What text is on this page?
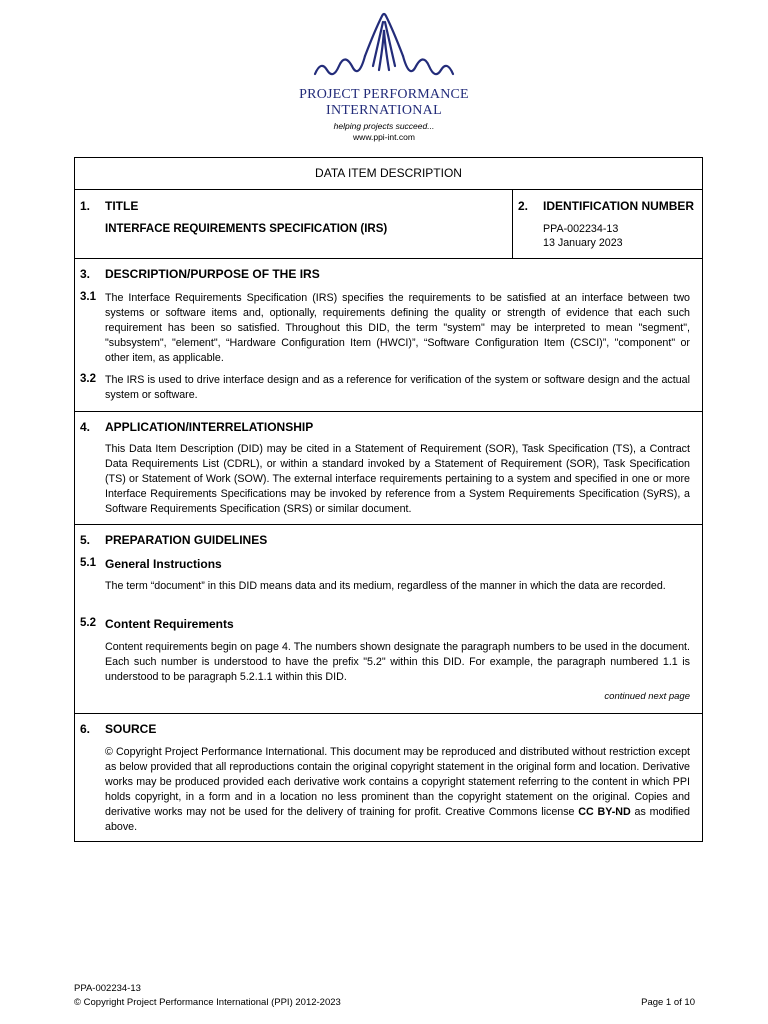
PROJECT PERFORMANCE
INTERNATIONAL
helping projects succeed...
www.ppi-int.com
DATA ITEM DESCRIPTION
1. TITLE
INTERFACE REQUIREMENTS SPECIFICATION (IRS)
2. IDENTIFICATION NUMBER
PPA-002234-13
13 January 2023
3. DESCRIPTION/PURPOSE OF THE IRS
3.1 The Interface Requirements Specification (IRS) specifies the requirements to be satisfied at an interface between two systems or software items and, optionally, requirements defining the quality or strength of evidence that each such requirement has been so satisfied. Throughout this DID, the term "system" may be interpreted to mean "segment", "subsystem", "element", “Hardware Configuration Item (HWCI)”, “Software Configuration Item (CSCI)”, "component" or other item, as applicable.
3.2 The IRS is used to drive interface design and as a reference for verification of the system or software design and the actual system or software.
4. APPLICATION/INTERRELATIONSHIP
This Data Item Description (DID) may be cited in a Statement of Requirement (SOR), Task Specification (TS), a Contract Data Requirements List (CDRL), or within a standard invoked by a Statement of Requirement (SOR), Task Specification (TS) or Statement of Work (SOW). The external interface requirements pertaining to a system and specified in one or more Interface Requirements Specifications may be invoked by reference from a System Requirements Specification (SyRS), a Software Requirements Specification (SRS) or similar document.
5. PREPARATION GUIDELINES
5.1 General Instructions
The term “document” in this DID means data and its medium, regardless of the manner in which the data are recorded.
5.2 Content Requirements
Content requirements begin on page 4. The numbers shown designate the paragraph numbers to be used in the document. Each such number is understood to have the prefix "5.2" within this DID. For example, the paragraph numbered 1.1 is understood to be paragraph 5.2.1.1 within this DID.
continued next page
6. SOURCE
© Copyright Project Performance International. This document may be reproduced and distributed without restriction except as below provided that all reproductions contain the original copyright statement in the original form and location. Derivative works may be produced provided each derivative work contains a copyright statement referring to the content in which PPI holds copyright, in a form and in a location no less prominent than the copyright statement on the original. Copies and derivative works may not be used for the delivery of training for profit. Creative Commons license CC BY-ND as modified above.
PPA-002234-13
© Copyright Project Performance International (PPI) 2012-2023	Page 1 of 10
